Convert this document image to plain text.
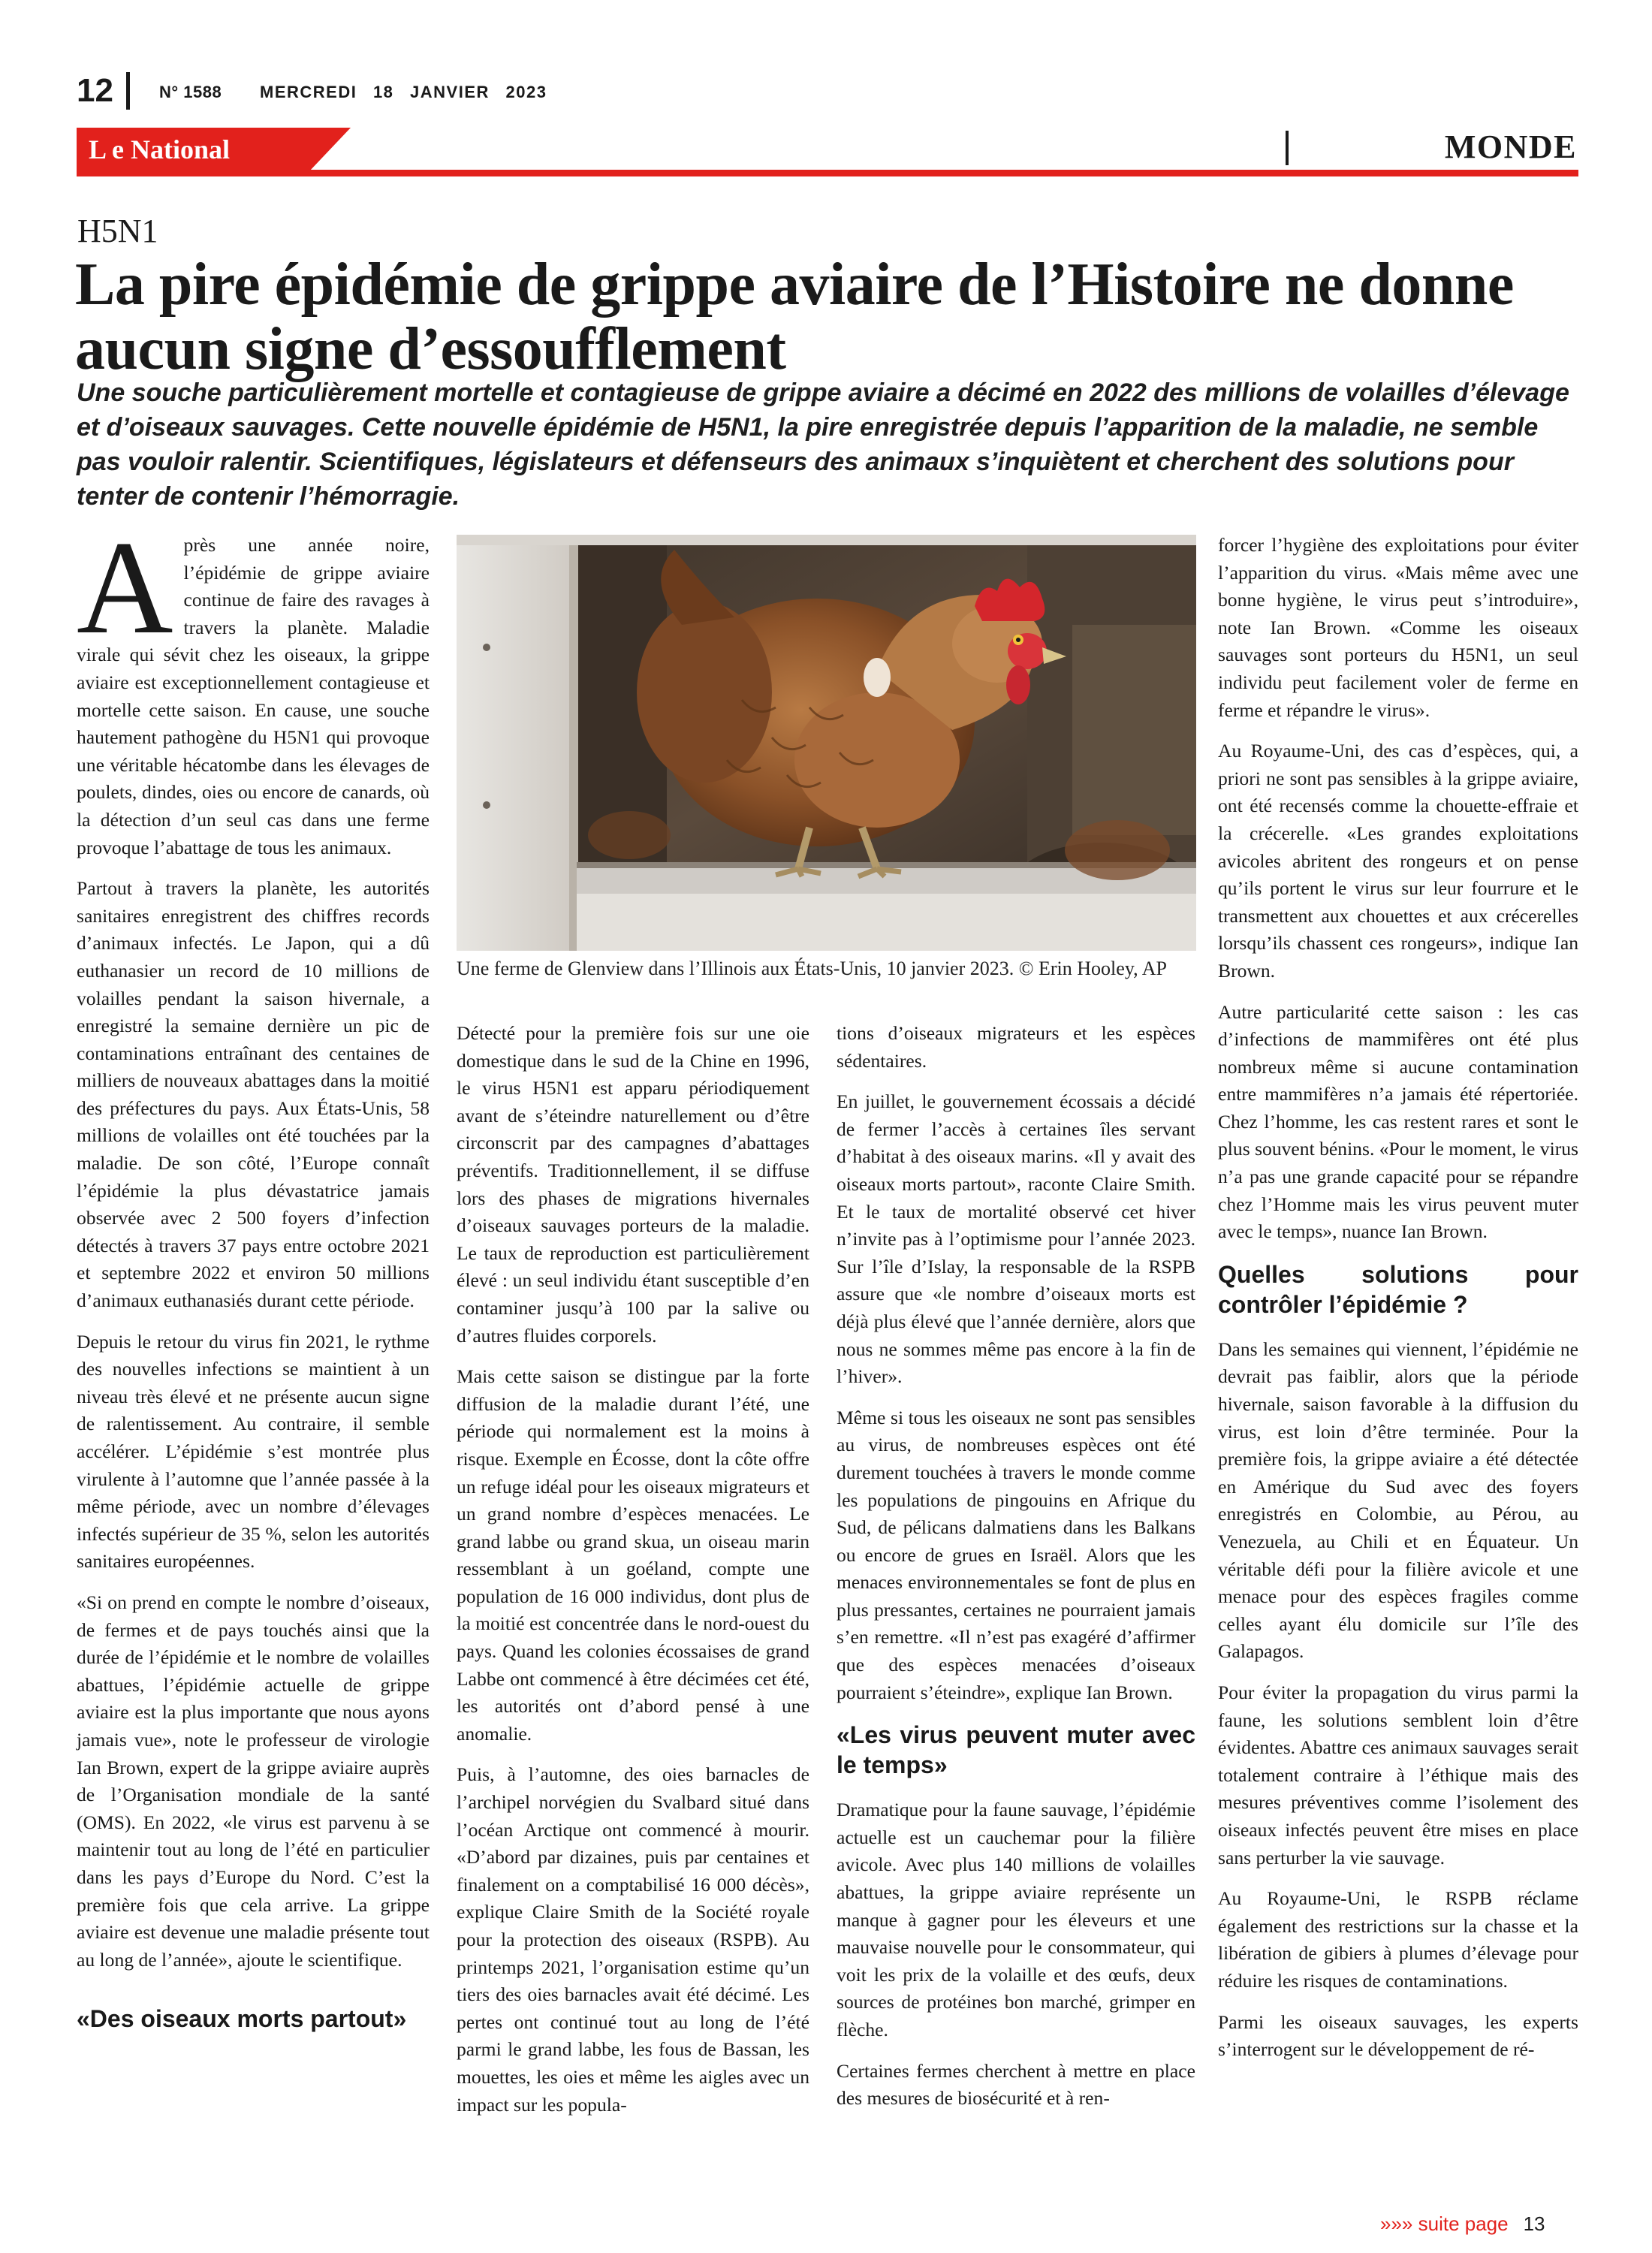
12	N° 1588 MERCREDI 18 JANVIER 2023
L e National	MONDE
H5N1
La pire épidémie de grippe aviaire de l’Histoire ne donne aucun signe d’essoufflement
Une souche particulièrement mortelle et contagieuse de grippe aviaire a décimé en 2022 des millions de volailles d’élevage et d’oiseaux sauvages. Cette nouvelle épidémie de H5N1, la pire enregistrée depuis l’apparition de la maladie, ne semble pas vouloir ralentir. Scientifiques, législateurs et défenseurs des animaux s’inquiètent et cherchent des solutions pour tenter de contenir l’hémorragie.

Après une année noire, l’épidémie de grippe aviaire continue de faire des ravages à travers la planète. Maladie virale qui sévit chez les oiseaux, la grippe aviaire est exceptionnellement contagieuse et mortelle cette saison. En cause, une souche hautement pathogène du H5N1 qui provoque une véritable hécatombe dans les élevages de poulets, dindes, oies ou encore de canards, où la détection d’un seul cas dans une ferme provoque l’abattage de tous les animaux.

Partout à travers la planète, les autorités sanitaires enregistrent des chiffres records d’animaux infectés. Le Japon, qui a dû euthanasier un record de 10 millions de volailles pendant la saison hivernale, a enregistré la semaine dernière un pic de contaminations entraînant des centaines de milliers de nouveaux abattages dans la moitié des préfectures du pays. Aux États-Unis, 58 millions de volailles ont été touchées par la maladie. De son côté, l’Europe connaît l’épidémie la plus dévastatrice jamais observée avec 2 500 foyers d’infection détectés à travers 37 pays entre octobre 2021 et septembre 2022 et environ 50 millions d’animaux euthanasiés durant cette période.

Depuis le retour du virus fin 2021, le rythme des nouvelles infections se maintient à un niveau très élevé et ne présente aucun signe de ralentissement. Au contraire, il semble accélérer. L’épidémie s’est montrée plus virulente à l’automne que l’année passée à la même période, avec un nombre d’élevages infectés supérieur de 35 %, selon les autorités sanitaires européennes.

«Si on prend en compte le nombre d’oiseaux, de fermes et de pays touchés ainsi que la durée de l’épidémie et le nombre de volailles abattues, l’épidémie actuelle de grippe aviaire est la plus importante que nous ayons jamais vue», note le professeur de virologie Ian Brown, expert de la grippe aviaire auprès de l’Organisation mondiale de la santé (OMS). En 2022, «le virus est parvenu à se maintenir tout au long de l’été en particulier dans les pays d’Europe du Nord. C’est la première fois que cela arrive. La grippe aviaire est devenue une maladie présente tout au long de l’année», ajoute le scientifique.

«Des oiseaux morts partout»
Une ferme de Glenview dans l’Illinois aux États-Unis, 10 janvier 2023. © Erin Hooley, AP

Détecté pour la première fois sur une oie domestique dans le sud de la Chine en 1996, le virus H5N1 est apparu périodiquement avant de s’éteindre naturellement ou d’être circonscrit par des campagnes d’abattages préventifs. Traditionnellement, il se diffuse lors des phases de migrations hivernales d’oiseaux sauvages porteurs de la maladie. Le taux de reproduction est particulièrement élevé : un seul individu étant susceptible d’en contaminer jusqu’à 100 par la salive ou d’autres fluides corporels.

Mais cette saison se distingue par la forte diffusion de la maladie durant l’été, une période qui normalement est la moins à risque. Exemple en Écosse, dont la côte offre un refuge idéal pour les oiseaux migrateurs et un grand nombre d’espèces menacées. Le grand labbe ou grand skua, un oiseau marin ressemblant à un goéland, compte une population de 16 000 individus, dont plus de la moitié est concentrée dans le nord-ouest du pays. Quand les colonies écossaises de grand Labbe ont commencé à être décimées cet été, les autorités ont d’abord pensé à une anomalie.

Puis, à l’automne, des oies barnacles de l’archipel norvégien du Svalbard situé dans l’océan Arctique ont commencé à mourir. «D’abord par dizaines, puis par centaines et finalement on a comptabilisé 16 000 décès», explique Claire Smith de la Société royale pour la protection des oiseaux (RSPB). Au printemps 2021, l’organisation estime qu’un tiers des oies barnacles avait été décimé. Les pertes ont continué tout au long de l’été parmi le grand labbe, les fous de Bassan, les mouettes, les oies et même les aigles avec un impact sur les popula-

tions d’oiseaux migrateurs et les espèces sédentaires.

En juillet, le gouvernement écossais a décidé de fermer l’accès à certaines îles servant d’habitat à des oiseaux marins. «Il y avait des oiseaux morts partout», raconte Claire Smith. Et le taux de mortalité observé cet hiver n’invite pas à l’optimisme pour l’année 2023. Sur l’île d’Islay, la responsable de la RSPB assure que «le nombre d’oiseaux morts est déjà plus élevé que l’année dernière, alors que nous ne sommes même pas encore à la fin de l’hiver».

Même si tous les oiseaux ne sont pas sensibles au virus, de nombreuses espèces ont été durement touchées à travers le monde comme les populations de pingouins en Afrique du Sud, de pélicans dalmatiens dans les Balkans ou encore de grues en Israël. Alors que les menaces environnementales se font de plus en plus pressantes, certaines ne pourraient jamais s’en remettre. «Il n’est pas exagéré d’affirmer que des espèces menacées d’oiseaux pourraient s’éteindre», explique Ian Brown.

«Les virus peuvent muter avec le temps»

Dramatique pour la faune sauvage, l’épidémie actuelle est un cauchemar pour la filière avicole. Avec plus 140 millions de volailles abattues, la grippe aviaire représente un manque à gagner pour les éleveurs et une mauvaise nouvelle pour le consommateur, qui voit les prix de la volaille et des œufs, deux sources de protéines bon marché, grimper en flèche.

Certaines fermes cherchent à mettre en place des mesures de biosécurité et à ren-

forcer l’hygiène des exploitations pour éviter l’apparition du virus. «Mais même avec une bonne hygiène, le virus peut s’introduire», note Ian Brown. «Comme les oiseaux sauvages sont porteurs du H5N1, un seul individu peut facilement voler de ferme en ferme et répandre le virus».

Au Royaume-Uni, des cas d’espèces, qui, a priori ne sont pas sensibles à la grippe aviaire, ont été recensés comme la chouette-effraie et la crécerelle. «Les grandes exploitations avicoles abritent des rongeurs et on pense qu’ils portent le virus sur leur fourrure et le transmettent aux chouettes et aux crécerelles lorsqu’ils chassent ces rongeurs», indique Ian Brown.

Autre particularité cette saison : les cas d’infections de mammifères ont été plus nombreux même si aucune contamination entre mammifères n’a jamais été répertoriée. Chez l’homme, les cas restent rares et sont le plus souvent bénins. «Pour le moment, le virus n’a pas une grande capacité pour se répandre chez l’Homme mais les virus peuvent muter avec le temps», nuance Ian Brown.

Quelles solutions pour contrôler l’épidémie ?

Dans les semaines qui viennent, l’épidémie ne devrait pas faiblir, alors que la période hivernale, saison favorable à la diffusion du virus, est loin d’être terminée. Pour la première fois, la grippe aviaire a été détectée en Amérique du Sud avec des foyers enregistrés en Colombie, au Pérou, au Venezuela, au Chili et en Équateur. Un véritable défi pour la filière avicole et une menace pour des espèces fragiles comme celles ayant élu domicile sur l’île des Galapagos.

Pour éviter la propagation du virus parmi la faune, les solutions semblent loin d’être évidentes. Abattre ces animaux sauvages serait totalement contraire à l’éthique mais des mesures préventives comme l’isolement des oiseaux infectés peuvent être mises en place sans perturber la vie sauvage.

Au Royaume-Uni, le RSPB réclame également des restrictions sur la chasse et la libération de gibiers à plumes d’élevage pour réduire les risques de contaminations.

Parmi les oiseaux sauvages, les experts s’interrogent sur le développement de ré-

»»» suite page 13
